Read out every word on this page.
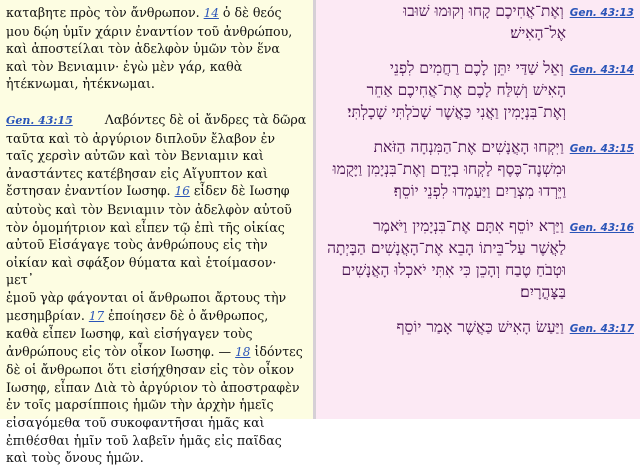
καταβητε πρὸς τὸν ἄνθρωπον. 14 ὁ δὲ θεός

μου δῴη ὑμῖν χάριν ἐναντίον τοῦ ἀνθρώπου,

καὶ ἀποστείλαι τὸν ἀδελφὸν ὑμῶν τὸν ἕνα

καὶ τὸν Βενιαμιν· ἐγὼ μὲν γάρ, καθὰ

ἠτέκνωμαι, ἠτέκνωμαι.

Gen. 43:15        Λαβόντες δὲ οἱ ἄνδρες τὰ δῶρα

ταῦτα καὶ τὸ ἀργύριον διπλοῦν ἔλαβον ἐν

ταῖς χερσὶν αὐτῶν καὶ τὸν Βενιαμιν καὶ

ἀναστάντες κατέβησαν εἰς Αἴγυπτον καὶ

ἔστησαν ἐναντίον Ιωσηφ. 16 εἶδεν δὲ Ιωσηφ

αὐτοὺς καὶ τὸν Βενιαμιν τὸν ἀδελφὸν αὐτοῦ

τὸν ὁμομήτριον καὶ εἶπεν τῷ ἐπὶ τῆς οἰκίας

αὐτοῦ Εἰσάγαγε τοὺς ἀνθρώπους εἰς τὴν

οἰκίαν καὶ σφάξον θύματα καὶ ἑτοίμασον· μετ᾽

ἐμοῦ γὰρ φάγονται οἱ ἄνθρωποι ἄρτους τὴν

μεσημβρίαν. 17 ἐποίησεν δὲ ὁ ἄνθρωπος,

καθὰ εἶπεν Ιωσηφ, καὶ εἰσήγαγεν τοὺς

ἀνθρώπους εἰς τὸν οἶκον Ιωσηφ. — 18 ἰδόντες

δὲ οἱ ἄνθρωποι ὅτι εἰσήχθησαν εἰς τὸν οἶκον

Ιωσηφ, εἶπαν Διὰ τὸ ἀργύριον τὸ ἀποστραφὲν

ἐν τοῖς μαρσίπποις ἡμῶν τὴν ἀρχὴν ἡμεῖς

εἰσαγόμεθα τοῦ συκοφαντῆσαι ἡμᾶς καὶ

ἐπιθέσθαι ἡμῖν τοῦ λαβεῖν ἡμᾶς εἰς παῖδας

καὶ τοὺς ὄνους ἡμῶν.

וְאֶת־אֲחִיכֶם קָחוּ וְקוּמוּ שׁוּבוּ Gen. 43:13
אֶל־הָאִישׁ׃
וְאֵל שַׁדַּי יִתֵּן לָכֶם רַחֲמִים לִפְנֵי Gen. 43:14
הָאִישׁ וְשִׁלַּח לָכֶם אֶת־אֲחִיכֶם אַחֵר
וְאֶת־בִּנְיָמִין וַאֲנִי כַּאֲשֶׁר שָׁכֹלְתִּי שָׁכָלְתִּי׃
וַיִּקְחוּ הָאֲנָשִׁים אֶת־הַמִּנְחָה הַזֹּאת Gen. 43:15
וּמִשְׁנֶה־כֶּסֶף לָקְחוּ בְיָדָם וְאֶת־בִּנְיָמִן וַיָּקֻמוּ
וַיֵּרְדוּ מִצְרַיִם וַיַּעַמְדוּ לִפְנֵי יוֹסֵף׃
וַיַּרְא יוֹסֵף אִתָּם אֶת־בִּנְיָמִין וַיֹּאמֶר Gen. 43:16
לַאֲשֶׁר עַל־בֵּיתוֹ הָבֵא אֶת־הָאֲנָשִׁים הַבָּיְתָה
וּטְבֹחַ טֶבַח וְהָכֵן כִּי אִתִּי יֹאכְלוּ הָאֲנָשִׁים
בַּצָּהֳרָיִם׃
וַיַּעַשׂ הָאִישׁ כַּאֲשֶׁר אָמַר יוֹסֵף Gen. 43:17
